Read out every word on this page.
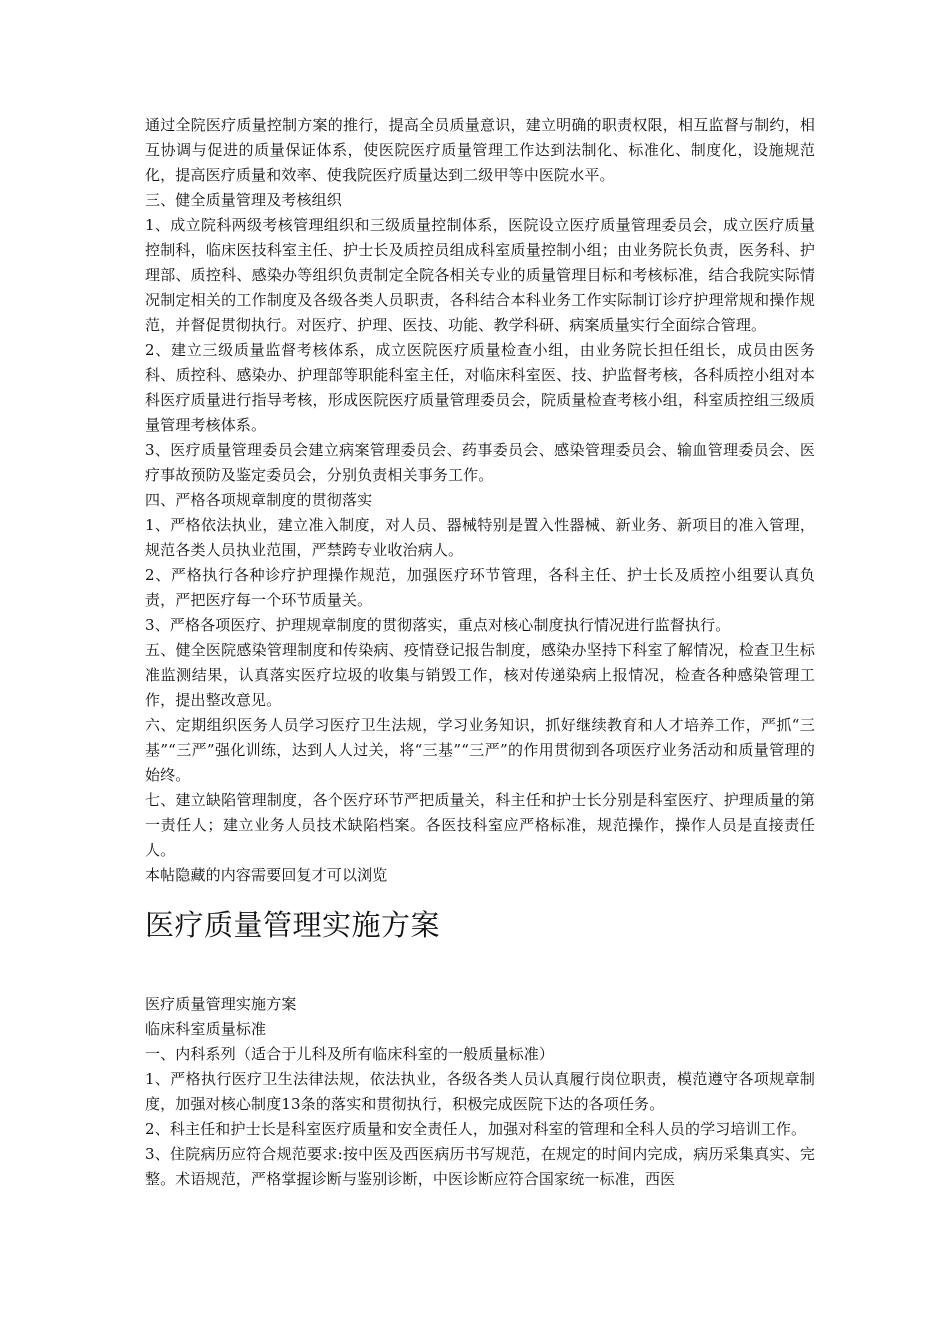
通过全院医疗质量控制方案的推行，提高全员质量意识，建立明确的职责权限，相互监督与制约，相互协调与促进的质量保证体系，使医院医疗质量管理工作达到法制化、标准化、制度化，设施规范化，提高医疗质量和效率、使我院医疗质量达到二级甲等中医院水平。

三、健全质量管理及考核组织

1、成立院科两级考核管理组织和三级质量控制体系，医院设立医疗质量管理委员会，成立医疗质量控制科，临床医技科室主任、护士长及质控员组成科室质量控制小组；由业务院长负责，医务科、护理部、质控科、感染办等组织负责制定全院各相关专业的质量管理目标和考核标准，结合我院实际情况制定相关的工作制度及各级各类人员职责，各科结合本科业务工作实际制订诊疗护理常规和操作规范，并督促贯彻执行。对医疗、护理、医技、功能、教学科研、病案质量实行全面综合管理。

2、建立三级质量监督考核体系，成立医院医疗质量检查小组，由业务院长担任组长，成员由医务科、质控科、感染办、护理部等职能科室主任，对临床科室医、技、护监督考核，各科质控小组对本科医疗质量进行指导考核，形成医院医疗质量管理委员会，院质量检查考核小组，科室质控组三级质量管理考核体系。

3、医疗质量管理委员会建立病案管理委员会、药事委员会、感染管理委员会、输血管理委员会、医疗事故预防及鉴定委员会，分别负责相关事务工作。

四、严格各项规章制度的贯彻落实

1、严格依法执业，建立准入制度，对人员、器械特别是置入性器械、新业务、新项目的准入管理，规范各类人员执业范围，严禁跨专业收治病人。

2、严格执行各种诊疗护理操作规范，加强医疗环节管理，各科主任、护士长及质控小组要认真负责，严把医疗每一个环节质量关。

3、严格各项医疗、护理规章制度的贯彻落实，重点对核心制度执行情况进行监督执行。

五、健全医院感染管理制度和传染病、疫情登记报告制度，感染办坚持下科室了解情况，检查卫生标准监测结果，认真落实医疗垃圾的收集与销毁工作，核对传递染病上报情况，检查各种感染管理工作，提出整改意见。

六、定期组织医务人员学习医疗卫生法规，学习业务知识，抓好继续教育和人才培养工作，严抓“三基”“三严”强化训练，达到人人过关，将“三基”“三严”的作用贯彻到各项医疗业务活动和质量管理的始终。

七、建立缺陷管理制度，各个医疗环节严把质量关，科主任和护士长分别是科室医疗、护理质量的第一责任人；建立业务人员技术缺陷档案。各医技科室应严格标准，规范操作，操作人员是直接责任人。

本帖隐藏的内容需要回复才可以浏览

医疗质量管理实施方案

医疗质量管理实施方案

临床科室质量标准

一、内科系列（适合于儿科及所有临床科室的一般质量标准）

1、严格执行医疗卫生法律法规，依法执业，各级各类人员认真履行岗位职责，模范遵守各项规章制度，加强对核心制度13条的落实和贯彻执行，积极完成医院下达的各项任务。

2、科主任和护士长是科室医疗质量和安全责任人，加强对科室的管理和全科人员的学习培训工作。

3、住院病历应符合规范要求:按中医及西医病历书写规范，在规定的时间内完成，病历采集真实、完整。术语规范，严格掌握诊断与鉴别诊断，中医诊断应符合国家统一标准，西医
